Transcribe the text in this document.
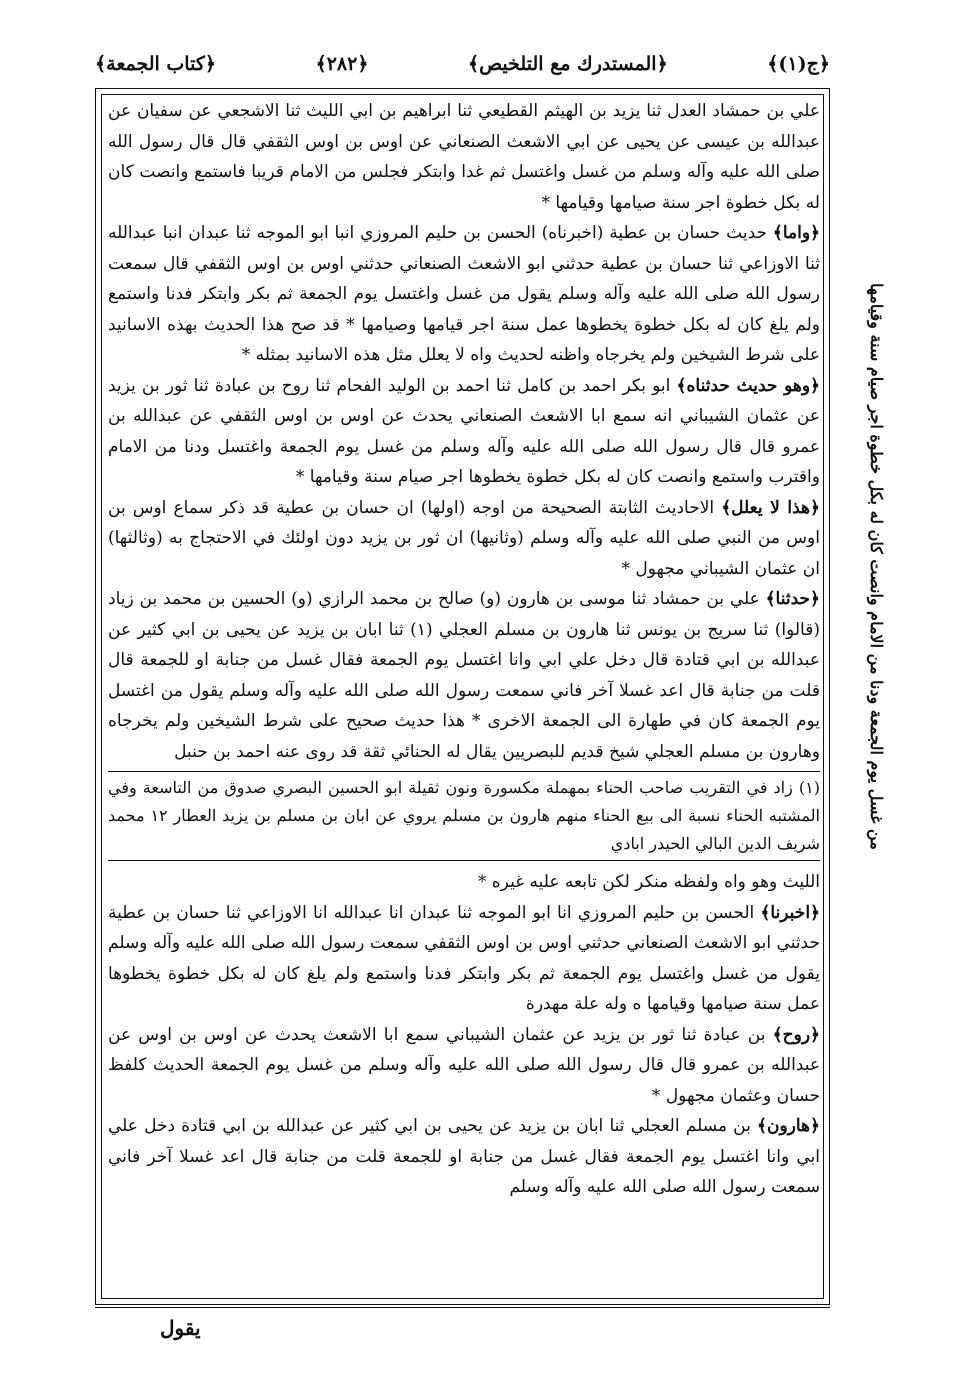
﴿ج(١)﴾
﴿المستدرك مع التلخيص﴾
﴿٢٨٢﴾
﴿كتاب الجمعة﴾
من غسل يوم الجمعة ودنا من الامام وانصت كان له بكل خطوة اجر صيام سنة وقيامها

علي بن حمشاد العدل ثنا يزيد بن الهيثم القطيعي ثنا ابراهيم بن ابي الليث ثنا الاشجعي عن سفيان عن عبدالله بن عيسى عن يحيى عن ابي الاشعث الصنعاني عن اوس بن اوس الثقفي قال قال رسول الله صلى الله عليه وآله وسلم من غسل واغتسل ثم غدا وابتكر فجلس من الامام قريبا فاستمع وانصت كان له بكل خطوة اجر سنة صيامها وقيامها *

﴿واما﴾ حديث حسان بن عطية (اخبرناه) الحسن بن حليم المروزي انبا ابو الموجه ثنا عبدان انبا عبدالله ثنا الاوزاعي ثنا حسان بن عطية حدثني ابو الاشعث الصنعاني حدثني اوس بن اوس الثقفي قال سمعت رسول الله صلى الله عليه وآله وسلم يقول من غسل واغتسل يوم الجمعة ثم بكر وابتكر فدنا واستمع ولم يلغ كان له بكل خطوة يخطوها عمل سنة اجر قيامها وصيامها * قد صح هذا الحديث بهذه الاسانيد على شرط الشيخين ولم يخرجاه واظنه لحديث واه لا يعلل مثل هذه الاسانيد بمثله *

﴿وهو حديث حدثناه﴾ ابو بكر احمد بن كامل ثنا احمد بن الوليد الفحام ثنا روح بن عبادة ثنا ثور بن يزيد عن عثمان الشيباني انه سمع ابا الاشعث الصنعاني يحدث عن اوس بن اوس الثقفي عن عبدالله بن عمرو قال قال رسول الله صلى الله عليه وآله وسلم من غسل يوم الجمعة واغتسل ودنا من الامام واقترب واستمع وانصت كان له بكل خطوة يخطوها اجر صيام سنة وقيامها *

﴿هذا لا يعلل﴾ الاحاديث الثابتة الصحيحة من اوجه (اولها) ان حسان بن عطية قد ذكر سماع اوس بن اوس من النبي صلى الله عليه وآله وسلم (وثانيها) ان ثور بن يزيد دون اولئك في الاحتجاج به (وثالثها) ان عثمان الشيباني مجهول *

﴿حدثنا﴾ علي بن حمشاد ثنا موسى بن هارون (و) صالح بن محمد الرازي (و) الحسين بن محمد بن زياد (قالوا) ثنا سريج بن يونس ثنا هارون بن مسلم العجلي (١) ثنا ابان بن يزيد عن يحيى بن ابي كثير عن عبدالله بن ابي قتادة قال دخل علي ابي وانا اغتسل يوم الجمعة فقال غسل من جنابة او للجمعة قال قلت من جنابة قال اعد غسلا آخر فاني سمعت رسول الله صلى الله عليه وآله وسلم يقول من اغتسل يوم الجمعة كان في طهارة الى الجمعة الاخرى * هذا حديث صحيح على شرط الشيخين ولم يخرجاه وهارون بن مسلم العجلي شيخ قديم للبصريين يقال له الحنائي ثقة قد روى عنه احمد بن حنبل

(١) زاد في التقريب صاحب الحناء بمهملة مكسورة ونون ثقيلة ابو الحسين البصري صدوق من التاسعة وفي المشتبه الحناء نسبة الى بيع الحناء منهم هارون بن مسلم يروي عن ابان بن مسلم بن يزيد العطار ١٢ محمد شريف الدين البالي الحيدر ابادي

الليث وهو واه ولفظه منكر لكن تابعه عليه غيره *

﴿اخبرنا﴾ الحسن بن حليم المروزي انا ابو الموجه ثنا عبدان انا عبدالله انا الاوزاعي ثنا حسان بن عطية حدثني ابو الاشعث الصنعاني حدثني اوس بن اوس الثقفي سمعت رسول الله صلى الله عليه وآله وسلم يقول من غسل واغتسل يوم الجمعة ثم بكر وابتكر فدنا واستمع ولم يلغ كان له بكل خطوة يخطوها عمل سنة صيامها وقيامها ه وله علة مهدرة

﴿روح﴾ بن عبادة ثنا ثور بن يزيد عن عثمان الشيباني سمع ابا الاشعث يحدث عن اوس بن اوس عن عبدالله بن عمرو قال قال رسول الله صلى الله عليه وآله وسلم من غسل يوم الجمعة الحديث كلفظ حسان وعثمان مجهول *

﴿هارون﴾ بن مسلم العجلي ثنا ابان بن يزيد عن يحيى بن ابي كثير عن عبدالله بن ابي قتادة دخل علي ابي وانا اغتسل يوم الجمعة فقال غسل من جنابة او للجمعة قلت من جنابة قال اعد غسلا آخر فاني سمعت رسول الله صلى الله عليه وآله وسلم

يقول
